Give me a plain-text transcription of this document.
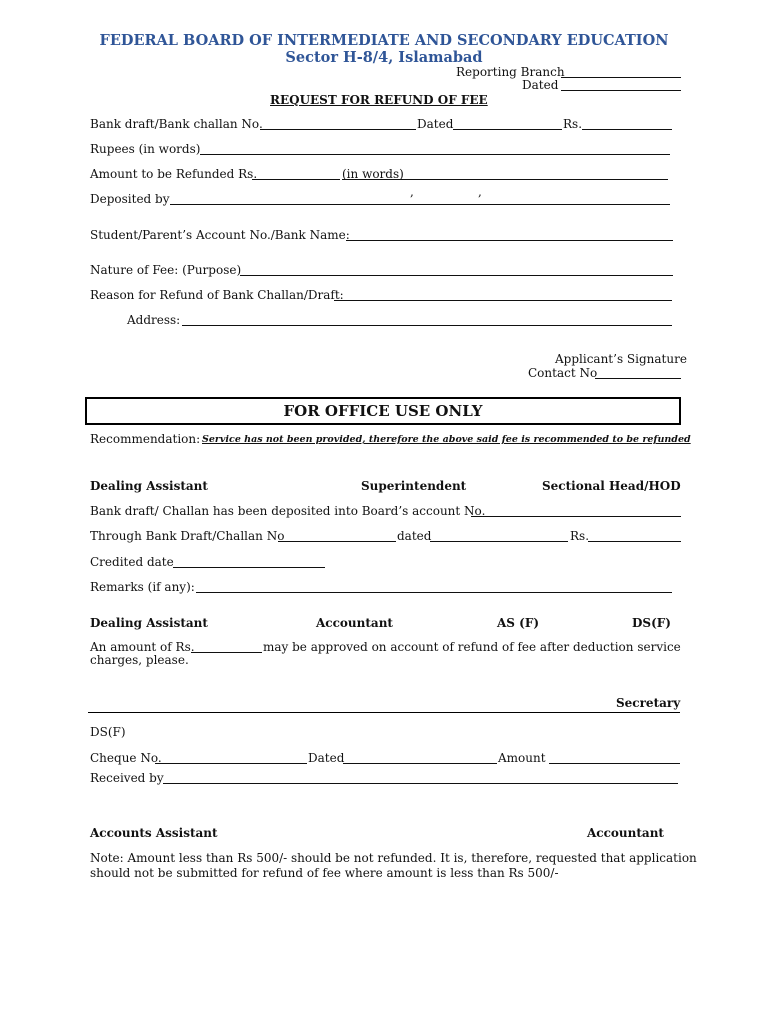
FEDERAL BOARD OF INTERMEDIATE AND SECONDARY EDUCATION
Sector H-8/4, Islamabad
Reporting Branch
Dated
REQUEST FOR REFUND OF FEE
Bank draft/Bank challan No.	Dated	Rs.
Rupees (in words)
Amount to be Refunded Rs.	(in words)
Deposited by	,	,
Student/Parent’s Account No./Bank Name:
Nature of Fee: (Purpose)
Reason for Refund of Bank Challan/Draft:
Address:
Applicant’s Signature
Contact No
FOR OFFICE USE ONLY
Recommendation: Service has not been provided, therefore the above said fee is recommended to be refunded
Dealing Assistant	Superintendent	Sectional Head/HOD
Bank draft/ Challan has been deposited into Board’s account No.
Through Bank Draft/Challan No	dated	Rs.
Credited date
Remarks (if any):
Dealing Assistant	Accountant	AS (F)	DS(F)
An amount of Rs.	may be approved on account of refund of fee after deduction service
charges, please.
Secretary
DS(F)
Cheque No.	Dated	Amount
Received by
Accounts Assistant	Accountant
Note: Amount less than Rs 500/- should be not refunded. It is, therefore, requested that application
should not be submitted for refund of fee where amount is less than Rs 500/-
